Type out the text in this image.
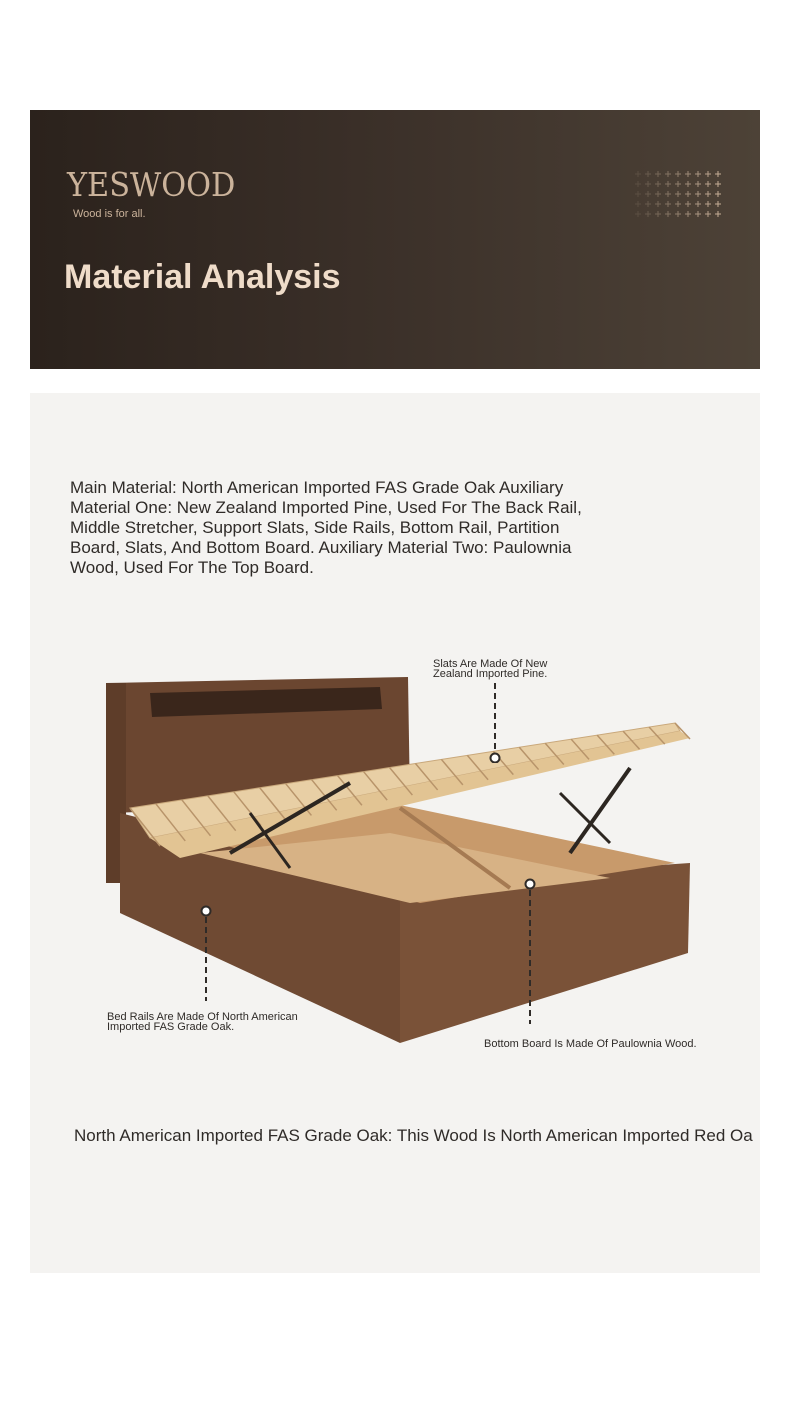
YESWOOD
Wood is for all.
Material Analysis
Main Material: North American Imported FAS Grade Oak Auxiliary Material One: New Zealand Imported Pine, Used For The Back Rail, Middle Stretcher, Support Slats, Side Rails, Bottom Rail, Partition Board, Slats, And Bottom Board. Auxiliary Material Two: Paulownia Wood, Used For The Top Board.
Slats Are Made Of New Zealand Imported Pine.
Bed Rails Are Made Of North American Imported FAS Grade Oak.
Bottom Board Is Made Of Paulownia Wood.
North American Imported FAS Grade Oak: This Wood Is North American Imported Red Oa
